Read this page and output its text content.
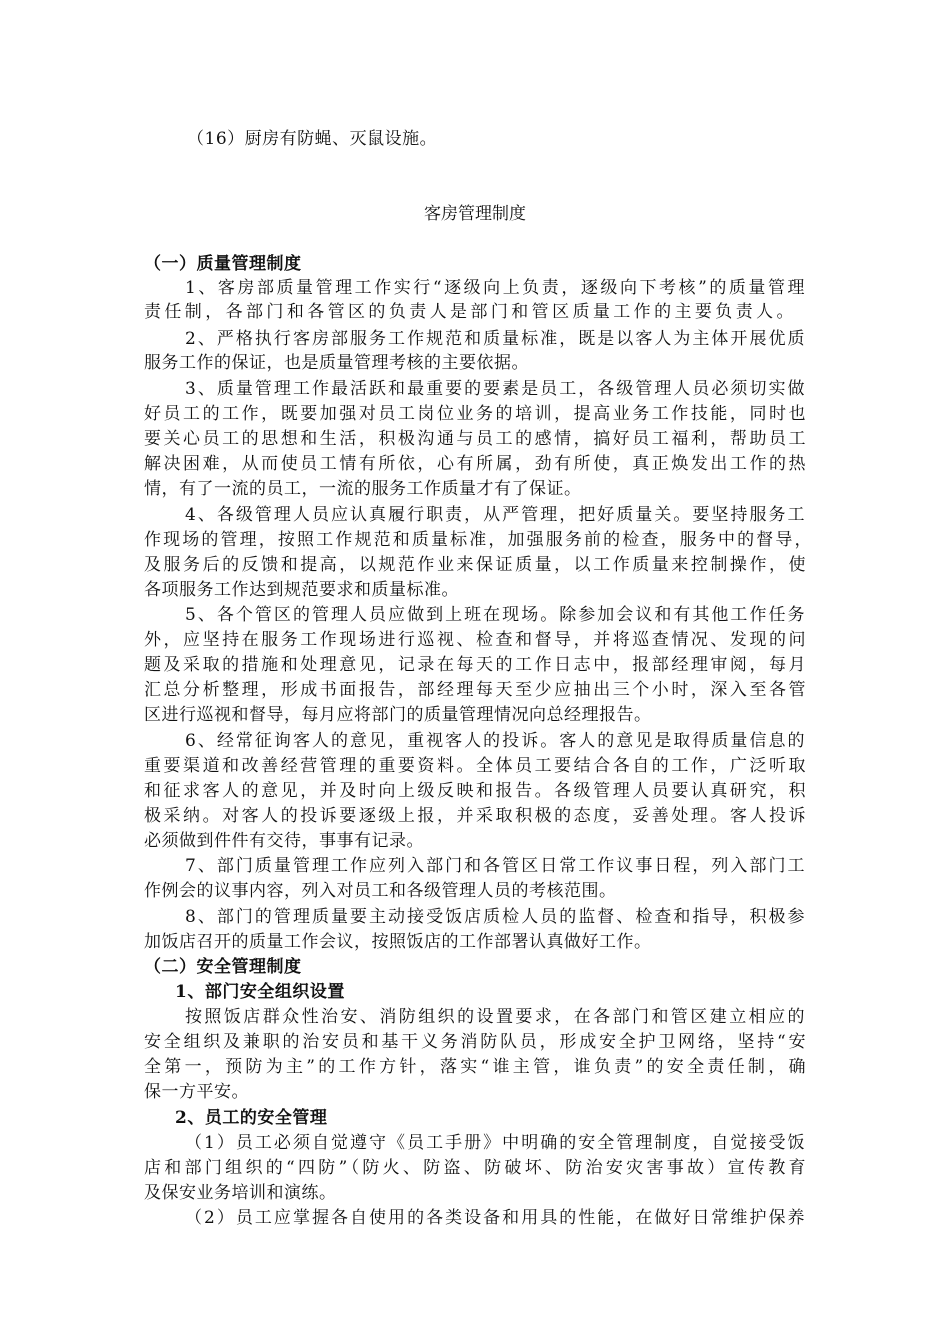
（16）厨房有防蝇、灭鼠设施。
客房管理制度
（一）质量管理制度
1、客房部质量管理工作实行“逐级向上负责，逐级向下考核”的质量管理
责任制，各部门和各管区的负责人是部门和管区质量工作的主要负责人。
2、严格执行客房部服务工作规范和质量标准，既是以客人为主体开展优质
服务工作的保证，也是质量管理考核的主要依据。
3、质量管理工作最活跃和最重要的要素是员工，各级管理人员必须切实做
好员工的工作，既要加强对员工岗位业务的培训，提高业务工作技能，同时也
要关心员工的思想和生活，积极沟通与员工的感情，搞好员工福利，帮助员工
解决困难，从而使员工情有所依，心有所属，劲有所使，真正焕发出工作的热
情，有了一流的员工，一流的服务工作质量才有了保证。
4、各级管理人员应认真履行职责，从严管理，把好质量关。要坚持服务工
作现场的管理，按照工作规范和质量标准，加强服务前的检查，服务中的督导，
及服务后的反馈和提高，以规范作业来保证质量，以工作质量来控制操作，使
各项服务工作达到规范要求和质量标准。
5、各个管区的管理人员应做到上班在现场。除参加会议和有其他工作任务
外，应坚持在服务工作现场进行巡视、检查和督导，并将巡查情况、发现的问
题及采取的措施和处理意见，记录在每天的工作日志中，报部经理审阅，每月
汇总分析整理，形成书面报告，部经理每天至少应抽出三个小时，深入至各管
区进行巡视和督导，每月应将部门的质量管理情况向总经理报告。
6、经常征询客人的意见，重视客人的投诉。客人的意见是取得质量信息的
重要渠道和改善经营管理的重要资料。全体员工要结合各自的工作，广泛听取
和征求客人的意见，并及时向上级反映和报告。各级管理人员要认真研究，积
极采纳。对客人的投诉要逐级上报，并采取积极的态度，妥善处理。客人投诉
必须做到件件有交待，事事有记录。
7、部门质量管理工作应列入部门和各管区日常工作议事日程，列入部门工
作例会的议事内容，列入对员工和各级管理人员的考核范围。
8、部门的管理质量要主动接受饭店质检人员的监督、检查和指导，积极参
加饭店召开的质量工作会议，按照饭店的工作部署认真做好工作。
（二）安全管理制度
1、部门安全组织设置
按照饭店群众性治安、消防组织的设置要求，在各部门和管区建立相应的
安全组织及兼职的治安员和基干义务消防队员，形成安全护卫网络，坚持“安
全第一，预防为主”的工作方针，落实“谁主管，谁负责”的安全责任制，确
保一方平安。
2、员工的安全管理
（1）员工必须自觉遵守《员工手册》中明确的安全管理制度，自觉接受饭
店和部门组织的“四防”（防火、防盗、防破坏、防治安灾害事故）宣传教育
及保安业务培训和演练。
（2）员工应掌握各自使用的各类设备和用具的性能，在做好日常维护保养
